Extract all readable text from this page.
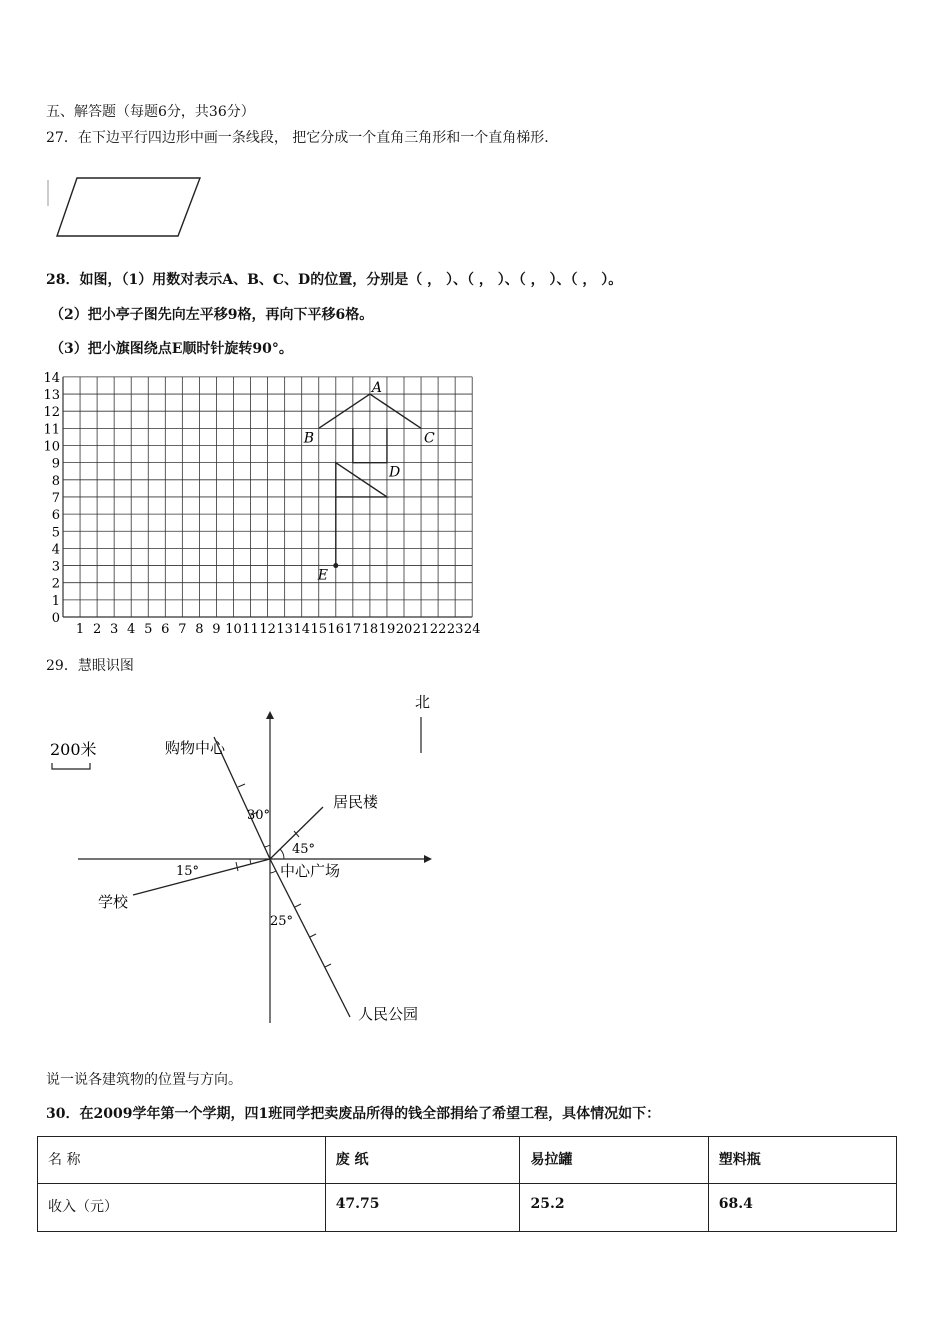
五、解答题（每题6分，共36分）
27．在下边平行四边形中画一条线段， 把它分成一个直角三角形和一个直角梯形.
28．如图，（1）用数对表示A、B、C、D的位置，分别是（ ， ）、（ ， ）、（ ， ）、（ ， ）。
（2）把小亭子图先向左平移9格，再向下平移6格。
（3）把小旗图绕点E顺时针旋转90°。
0
1
2
3
4
5
6
7
8
9
10
11
12
13
14
1 2 3 4 5 6 7 8 9 10 11 12 13 14 15 16 17 18 19 20 21 22 23 24
A
B	C
D
E
29．慧眼识图
200米
北
购物中心
30°
居民楼
45°
学校
15°
人民公园
25°
中心广场
说一说各建筑物的位置与方向。
30．在2009学年第一个学期，四1班同学把卖废品所得的钱全部捐给了希望工程，具体情况如下：
名 称	废 纸	易拉罐	塑料瓶
收入（元）	47.75	25.2	68.4
